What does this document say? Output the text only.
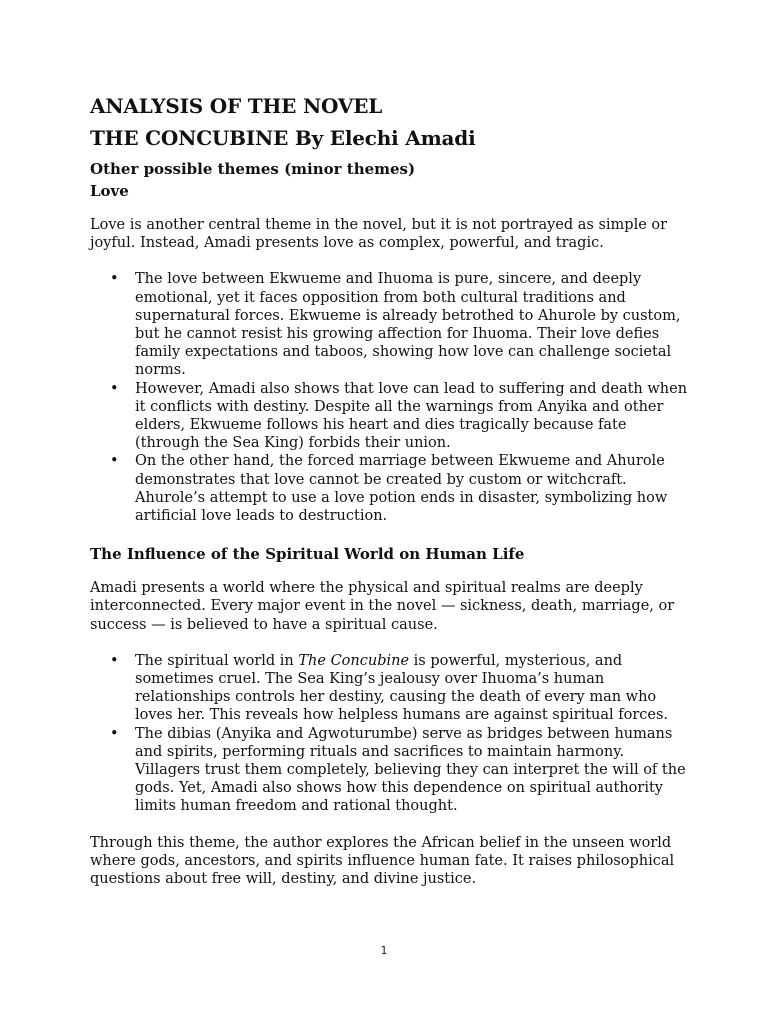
ANALYSIS OF THE NOVEL
THE CONCUBINE By Elechi Amadi
Other possible themes (minor themes)
Love

Love is another central theme in the novel, but it is not portrayed as simple or joyful. Instead, Amadi presents love as complex, powerful, and tragic.

• The love between Ekwueme and Ihuoma is pure, sincere, and deeply emotional, yet it faces opposition from both cultural traditions and supernatural forces. Ekwueme is already betrothed to Ahurole by custom, but he cannot resist his growing affection for Ihuoma. Their love defies family expectations and taboos, showing how love can challenge societal norms.
• However, Amadi also shows that love can lead to suffering and death when it conflicts with destiny. Despite all the warnings from Anyika and other elders, Ekwueme follows his heart and dies tragically because fate (through the Sea King) forbids their union.
• On the other hand, the forced marriage between Ekwueme and Ahurole demonstrates that love cannot be created by custom or witchcraft. Ahurole’s attempt to use a love potion ends in disaster, symbolizing how artificial love leads to destruction.
The Influence of the Spiritual World on Human Life

Amadi presents a world where the physical and spiritual realms are deeply interconnected. Every major event in the novel — sickness, death, marriage, or success — is believed to have a spiritual cause.

• The spiritual world in The Concubine is powerful, mysterious, and sometimes cruel. The Sea King’s jealousy over Ihuoma’s human relationships controls her destiny, causing the death of every man who loves her. This reveals how helpless humans are against spiritual forces.
• The dibias (Anyika and Agwoturumbe) serve as bridges between humans and spirits, performing rituals and sacrifices to maintain harmony. Villagers trust them completely, believing they can interpret the will of the gods. Yet, Amadi also shows how this dependence on spiritual authority limits human freedom and rational thought.

Through this theme, the author explores the African belief in the unseen world where gods, ancestors, and spirits influence human fate. It raises philosophical questions about free will, destiny, and divine justice.

1
